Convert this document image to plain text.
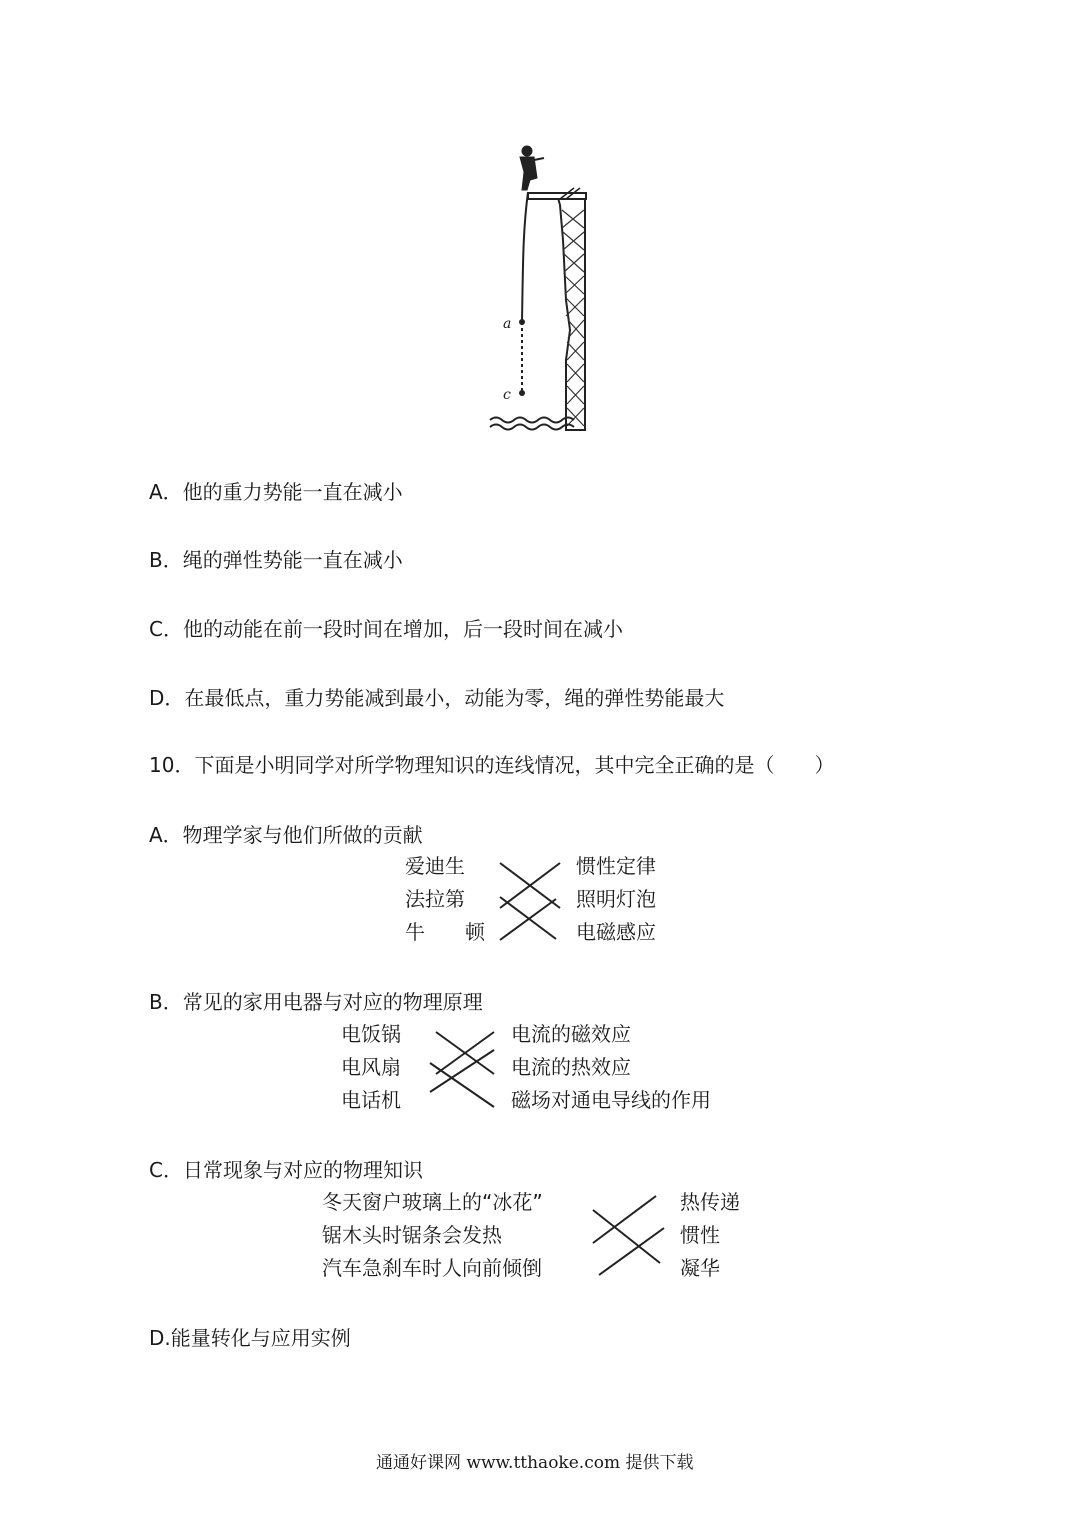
a
c
A．他的重力势能一直在减小
B．绳的弹性势能一直在减小
C．他的动能在前一段时间在增加，后一段时间在减小
D．在最低点，重力势能减到最小，动能为零，绳的弹性势能最大
10．下面是小明同学对所学物理知识的连线情况，其中完全正确的是（　　）
A．物理学家与他们所做的贡献
爱迪生
法拉第
牛　　顿
惯性定律
照明灯泡
电磁感应
B．常见的家用电器与对应的物理原理
电饭锅
电风扇
电话机
电流的磁效应
电流的热效应
磁场对通电导线的作用
C．日常现象与对应的物理知识
冬天窗户玻璃上的“冰花”
锯木头时锯条会发热
汽车急刹车时人向前倾倒
热传递
惯性
凝华
D.能量转化与应用实例
通通好课网 www.tthaoke.com 提供下载
